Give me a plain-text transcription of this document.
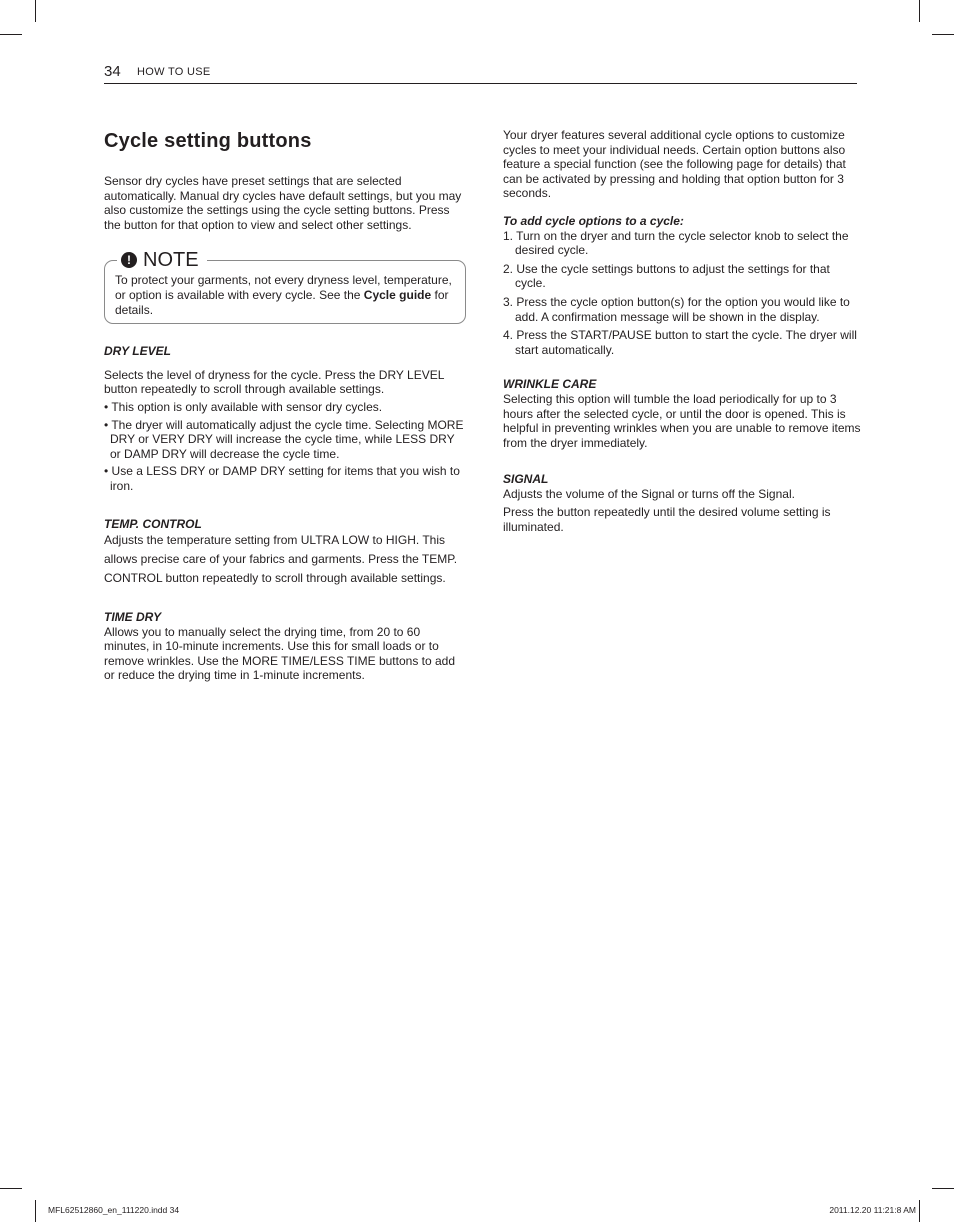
34 HOW TO USE
Cycle setting buttons

Sensor dry cycles have preset settings that are selected automatically. Manual dry cycles have default settings, but you may also customize the settings using the cycle setting buttons. Press the button for that option to view and select other settings.

! NOTE
To protect your garments, not every dryness level, temperature, or option is available with every cycle. See the Cycle guide for details.

DRY LEVEL

Selects the level of dryness for the cycle. Press the DRY LEVEL button repeatedly to scroll through available settings.

• This option is only available with sensor dry cycles.

• The dryer will automatically adjust the cycle time. Selecting MORE DRY or VERY DRY will increase the cycle time, while LESS DRY or DAMP DRY will decrease the cycle time.

• Use a LESS DRY or DAMP DRY setting for items that you wish to iron.

TEMP. CONTROL

Adjusts the temperature setting from ULTRA LOW to HIGH. This allows precise care of your fabrics and garments. Press the TEMP. CONTROL button repeatedly to scroll through available settings.

TIME DRY

Allows you to manually select the drying time, from 20 to 60 minutes, in 10-minute increments. Use this for small loads or to remove wrinkles. Use the MORE TIME/LESS TIME buttons to add or reduce the drying time in 1-minute increments.

Your dryer features several additional cycle options to customize cycles to meet your individual needs. Certain option buttons also feature a special function (see the following page for details) that can be activated by pressing and holding that option button for 3 seconds.

To add cycle options to a cycle:

1. Turn on the dryer and turn the cycle selector knob to select the desired cycle.

2. Use the cycle settings buttons to adjust the settings for that cycle.

3. Press the cycle option button(s) for the option you would like to add. A confirmation message will be shown in the display.

4. Press the START/PAUSE button to start the cycle. The dryer will start automatically.

WRINKLE CARE

Selecting this option will tumble the load periodically for up to 3 hours after the selected cycle, or until the door is opened. This is helpful in preventing wrinkles when you are unable to remove items from the dryer immediately.

SIGNAL

Adjusts the volume of the Signal or turns off the Signal.

Press the button repeatedly until the desired volume setting is illuminated.

MFL62512860_en_111220.indd 34	2011.12.20 11:21:8 AM
